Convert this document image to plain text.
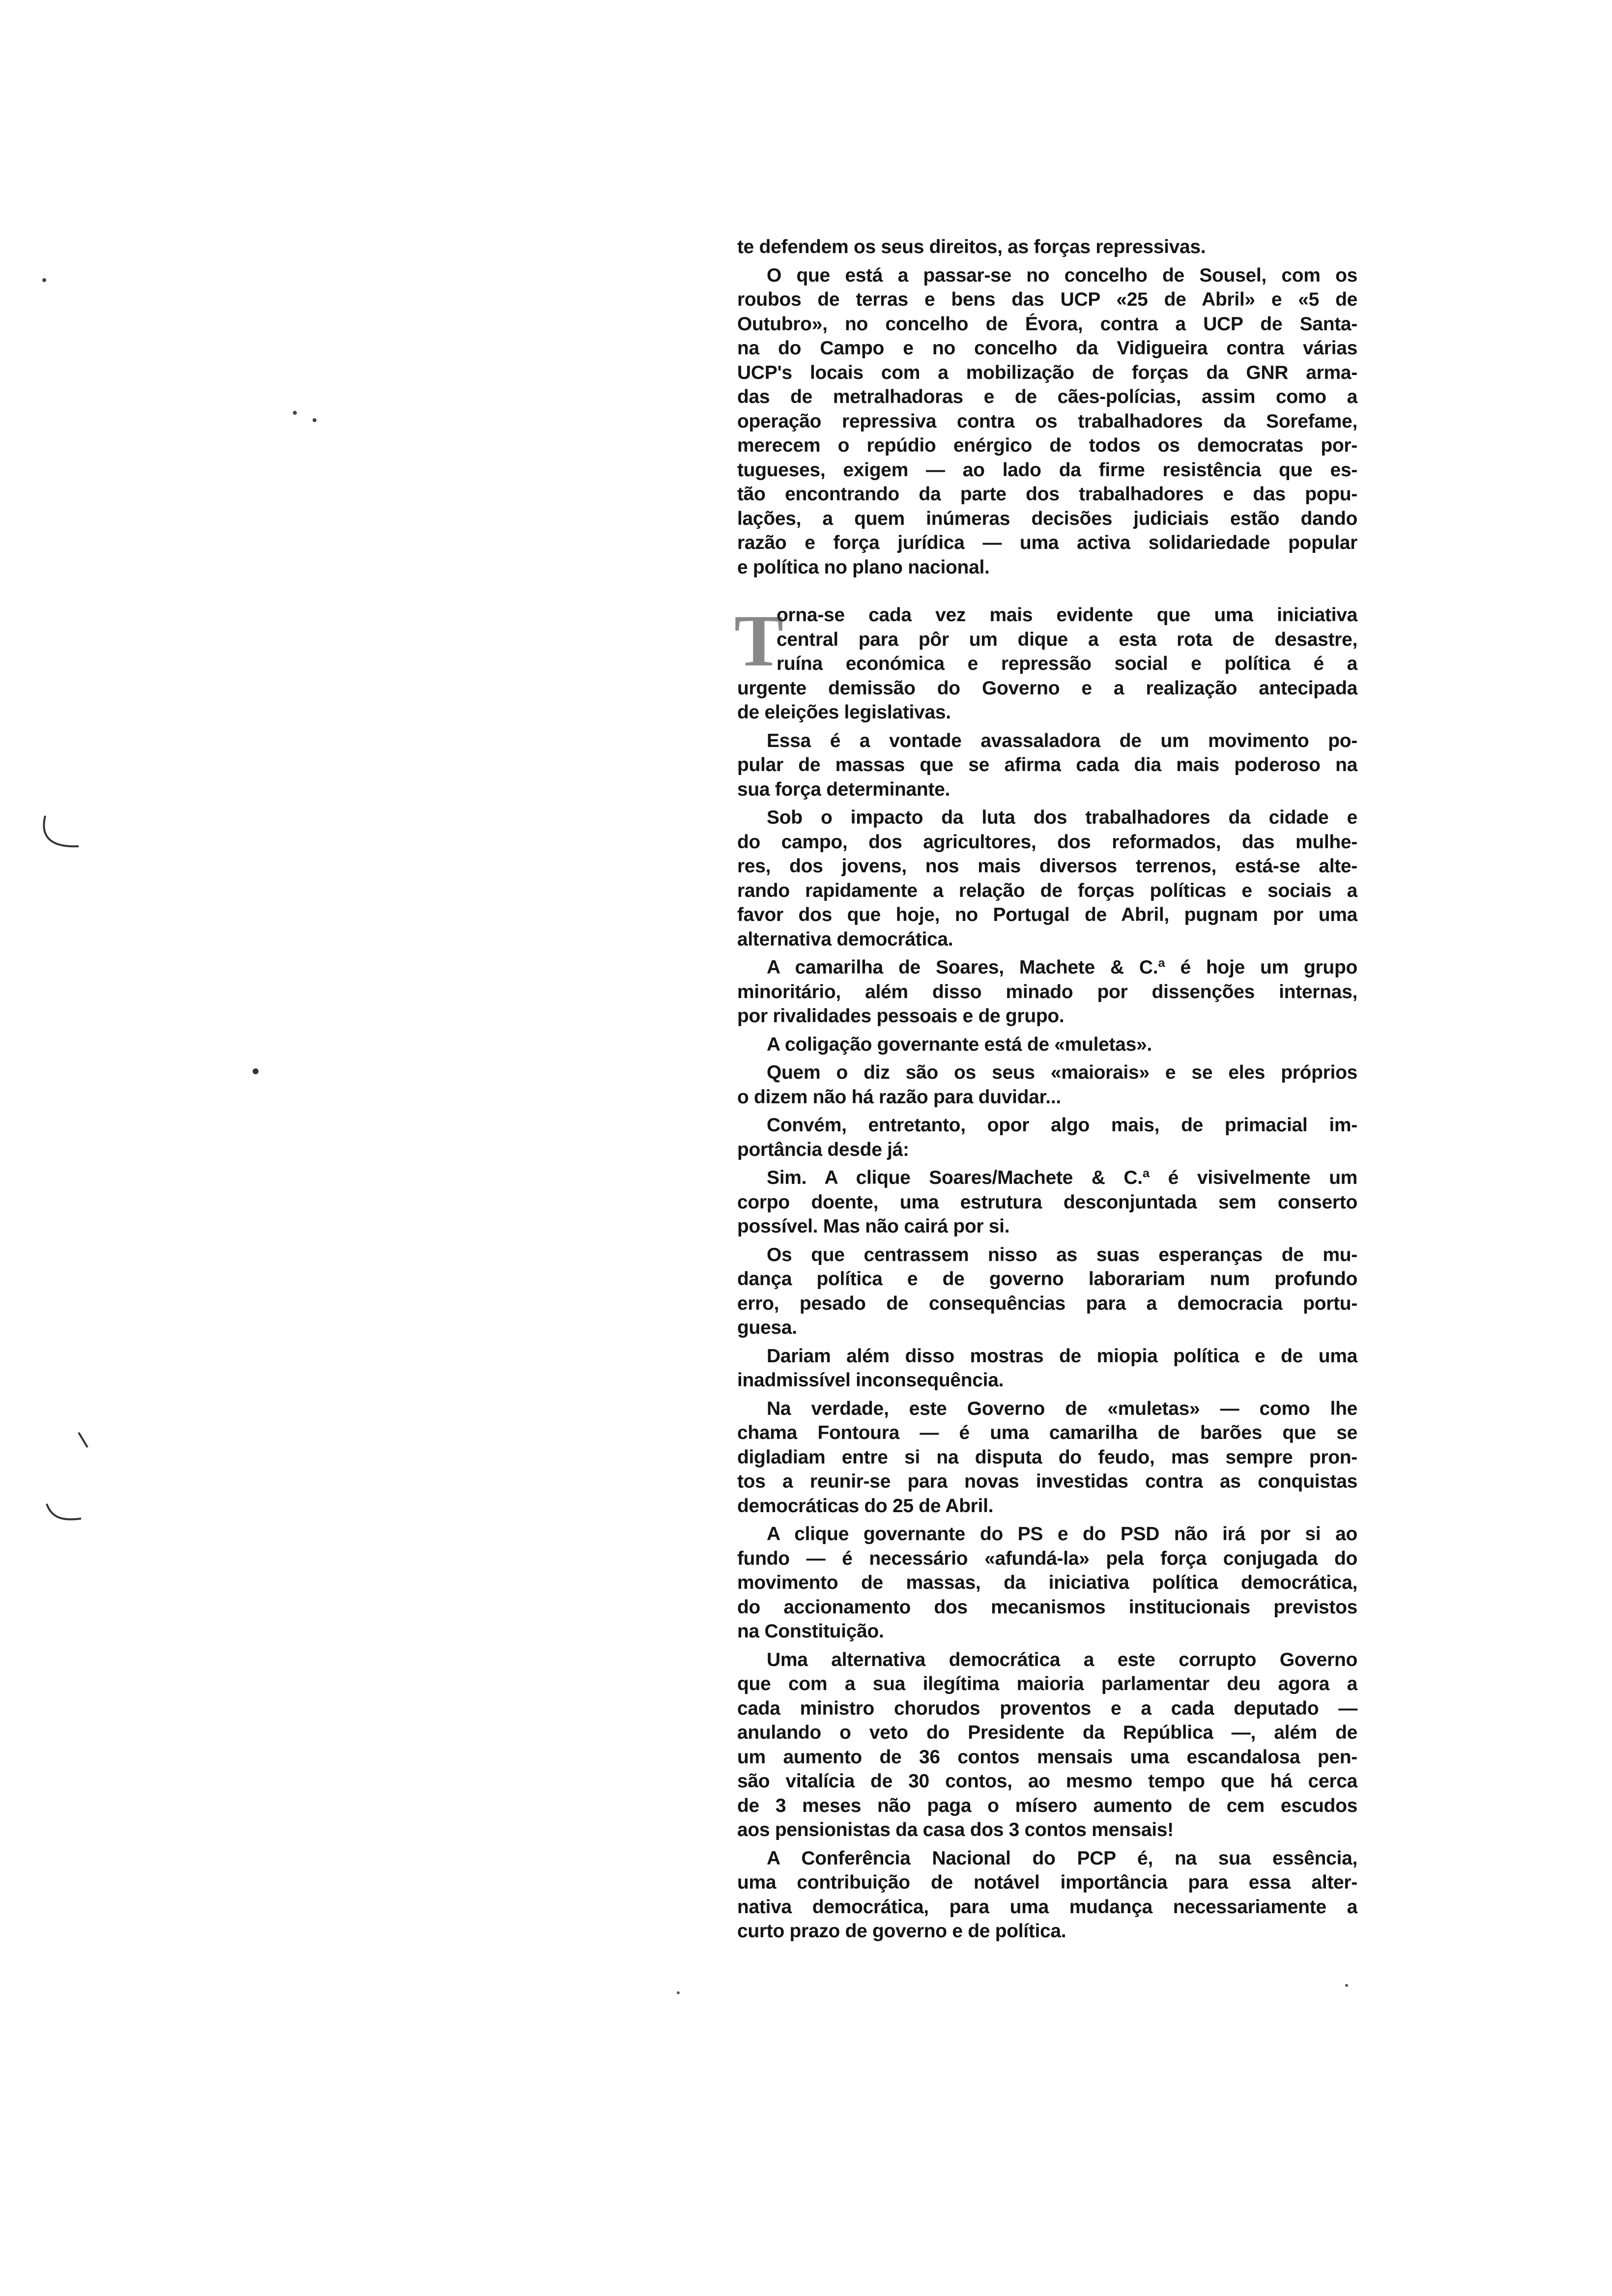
te defendem os seus direitos, as forças repressivas.
O que está a passar-se no concelho de Sousel, com os
roubos de terras e bens das UCP «25 de Abril» e «5 de
Outubro», no concelho de Évora, contra a UCP de Santa-
na do Campo e no concelho da Vidigueira contra várias
UCP's locais com a mobilização de forças da GNR arma-
das de metralhadoras e de cães-polícias, assim como a
operação repressiva contra os trabalhadores da Sorefame,
merecem o repúdio enérgico de todos os democratas por-
tugueses, exigem — ao lado da firme resistência que es-
tão encontrando da parte dos trabalhadores e das popu-
lações, a quem inúmeras decisões judiciais estão dando
razão e força jurídica — uma activa solidariedade popular
e política no plano nacional.
T
orna-se cada vez mais evidente que uma iniciativa
central para pôr um dique a esta rota de desastre,
ruína económica e repressão social e política é a
urgente demissão do Governo e a realização antecipada
de eleições legislativas.
Essa é a vontade avassaladora de um movimento po-
pular de massas que se afirma cada dia mais poderoso na
sua força determinante.
Sob o impacto da luta dos trabalhadores da cidade e
do campo, dos agricultores, dos reformados, das mulhe-
res, dos jovens, nos mais diversos terrenos, está-se alte-
rando rapidamente a relação de forças políticas e sociais a
favor dos que hoje, no Portugal de Abril, pugnam por uma
alternativa democrática.
A camarilha de Soares, Machete & C.ª é hoje um grupo
minoritário, além disso minado por dissenções internas,
por rivalidades pessoais e de grupo.
A coligação governante está de «muletas».
Quem o diz são os seus «maiorais» e se eles próprios
o dizem não há razão para duvidar...
Convém, entretanto, opor algo mais, de primacial im-
portância desde já:
Sim. A clique Soares/Machete & C.ª é visivelmente um
corpo doente, uma estrutura desconjuntada sem conserto
possível. Mas não cairá por si.
Os que centrassem nisso as suas esperanças de mu-
dança política e de governo laborariam num profundo
erro, pesado de consequências para a democracia portu-
guesa.
Dariam além disso mostras de miopia política e de uma
inadmissível inconsequência.
Na verdade, este Governo de «muletas» — como lhe
chama Fontoura — é uma camarilha de barões que se
digladiam entre si na disputa do feudo, mas sempre pron-
tos a reunir-se para novas investidas contra as conquistas
democráticas do 25 de Abril.
A clique governante do PS e do PSD não irá por si ao
fundo — é necessário «afundá-la» pela força conjugada do
movimento de massas, da iniciativa política democrática,
do accionamento dos mecanismos institucionais previstos
na Constituição.
Uma alternativa democrática a este corrupto Governo
que com a sua ilegítima maioria parlamentar deu agora a
cada ministro chorudos proventos e a cada deputado —
anulando o veto do Presidente da República —, além de
um aumento de 36 contos mensais uma escandalosa pen-
são vitalícia de 30 contos, ao mesmo tempo que há cerca
de 3 meses não paga o mísero aumento de cem escudos
aos pensionistas da casa dos 3 contos mensais!
A Conferência Nacional do PCP é, na sua essência,
uma contribuição de notável importância para essa alter-
nativa democrática, para uma mudança necessariamente a
curto prazo de governo e de política.
